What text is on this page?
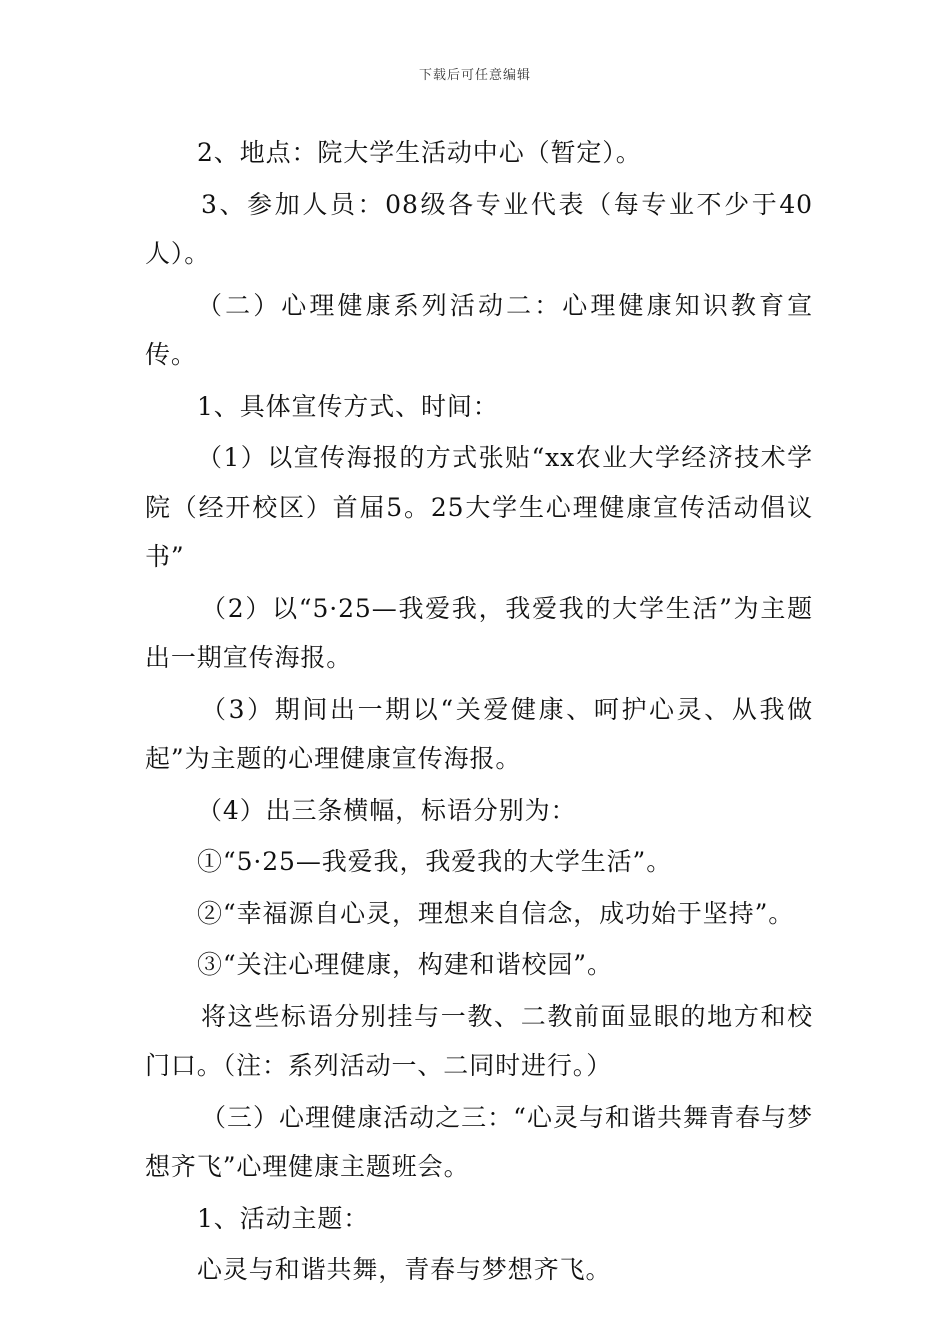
下载后可任意编辑

2、地点：院大学生活动中心（暂定）。

3、参加人员：08级各专业代表（每专业不少于40人）。

（二）心理健康系列活动二：心理健康知识教育宣传。

1、具体宣传方式、时间：

（1）以宣传海报的方式张贴“xx农业大学经济技术学院（经开校区）首届5。25大学生心理健康宣传活动倡议书”

（2）以“5·25—我爱我，我爱我的大学生活”为主题出一期宣传海报。

（3）期间出一期以“关爱健康、呵护心灵、从我做起”为主题的心理健康宣传海报。

（4）出三条横幅，标语分别为：

①“5·25—我爱我，我爱我的大学生活”。

②“幸福源自心灵，理想来自信念，成功始于坚持”。

③“关注心理健康，构建和谐校园”。

将这些标语分别挂与一教、二教前面显眼的地方和校门口。（注：系列活动一、二同时进行。）

（三）心理健康活动之三：“心灵与和谐共舞青春与梦想齐飞”心理健康主题班会。

1、活动主题：

心灵与和谐共舞，青春与梦想齐飞。
